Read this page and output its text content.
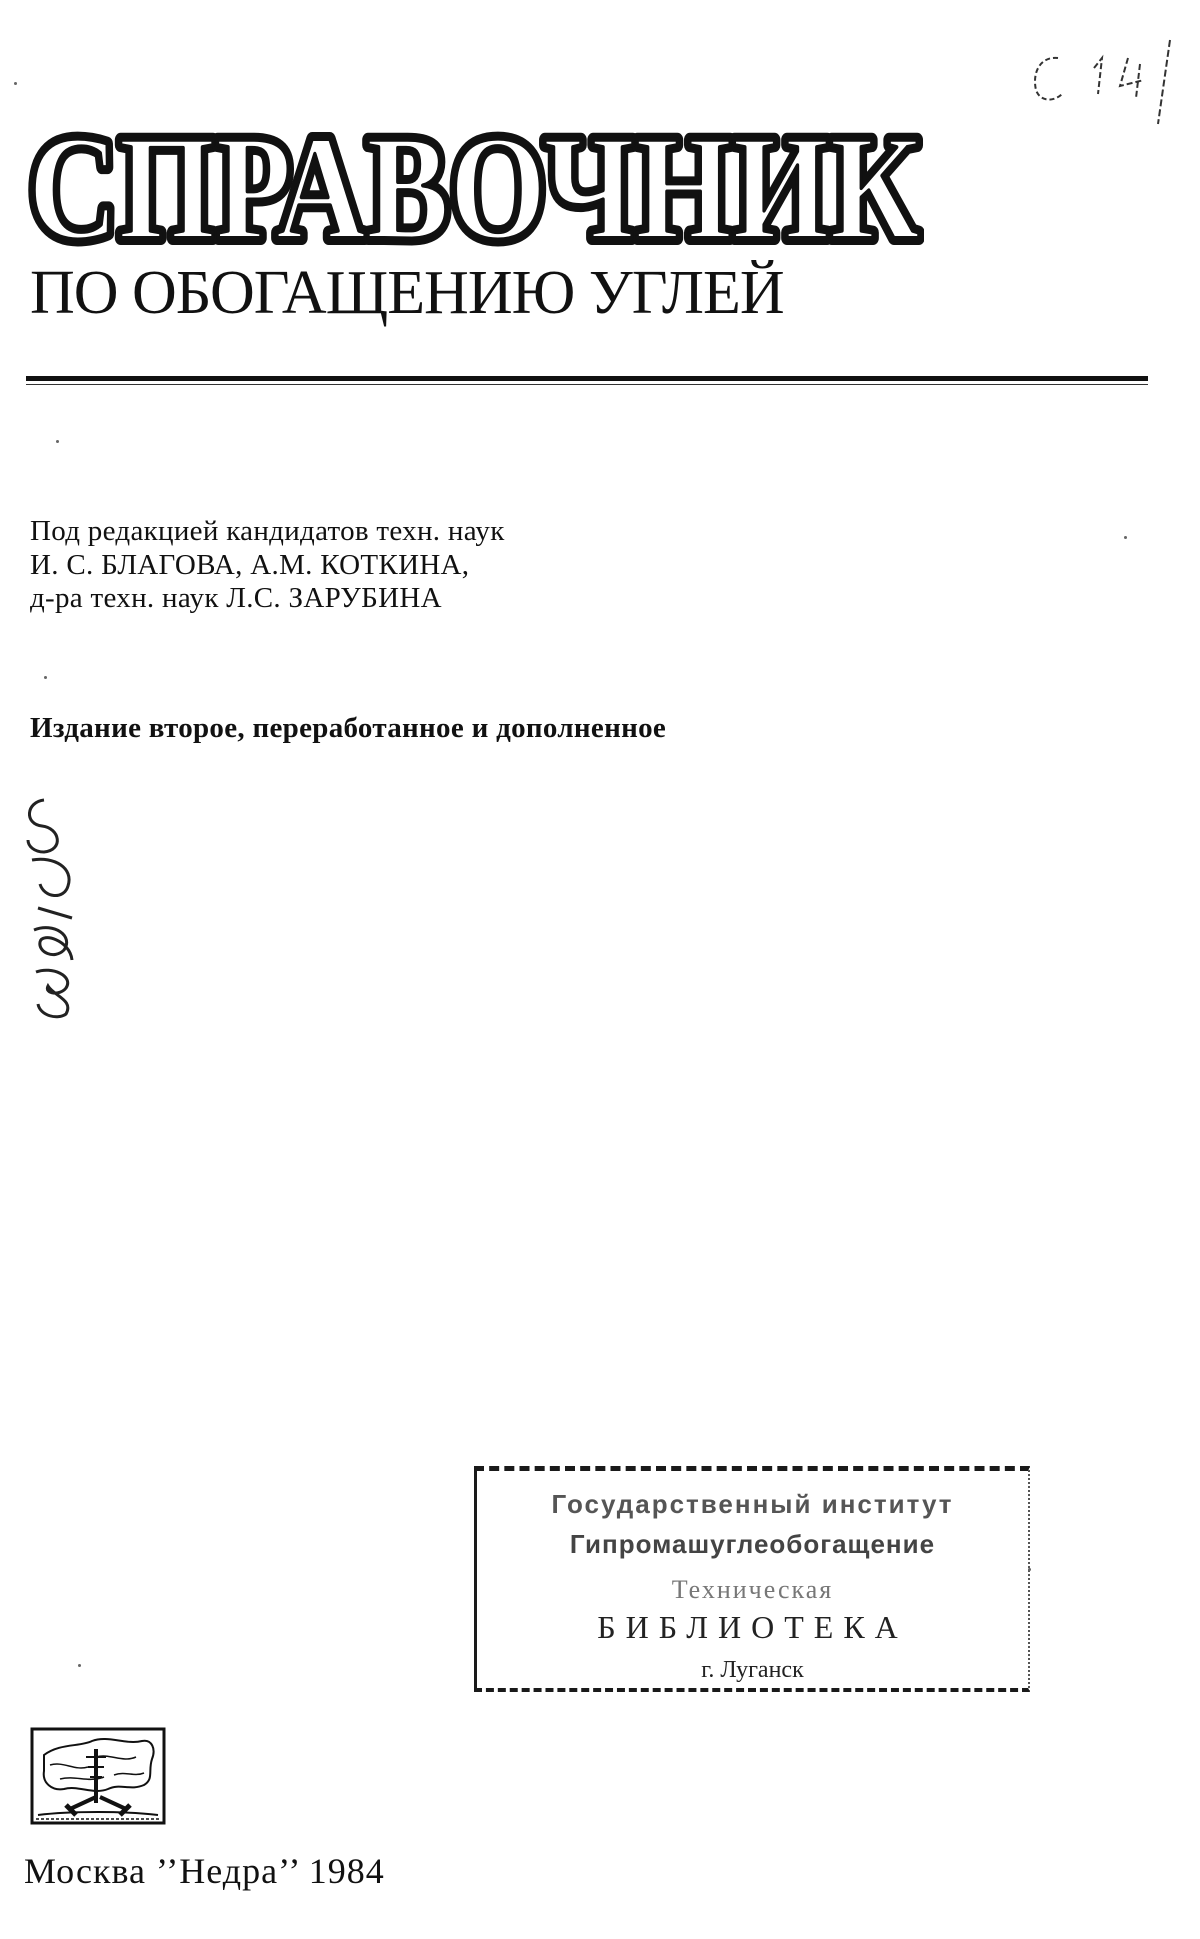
СПРАВОЧНИК
СПРАВОЧНИК
ПО ОБОГАЩЕНИЮ УГЛЕЙ
Под редакцией кандидатов техн. наук
И. С. БЛАГОВА, А.М. КОТКИНА,
д-ра техн. наук Л.С. ЗАРУБИНА
Издание второе, переработанное и дополненное
Государственный институт
Гипромашуглеобогащение
Техническая
БИБЛИОТЕКА
г. Луганск
Москва ’’Недра’’ 1984
